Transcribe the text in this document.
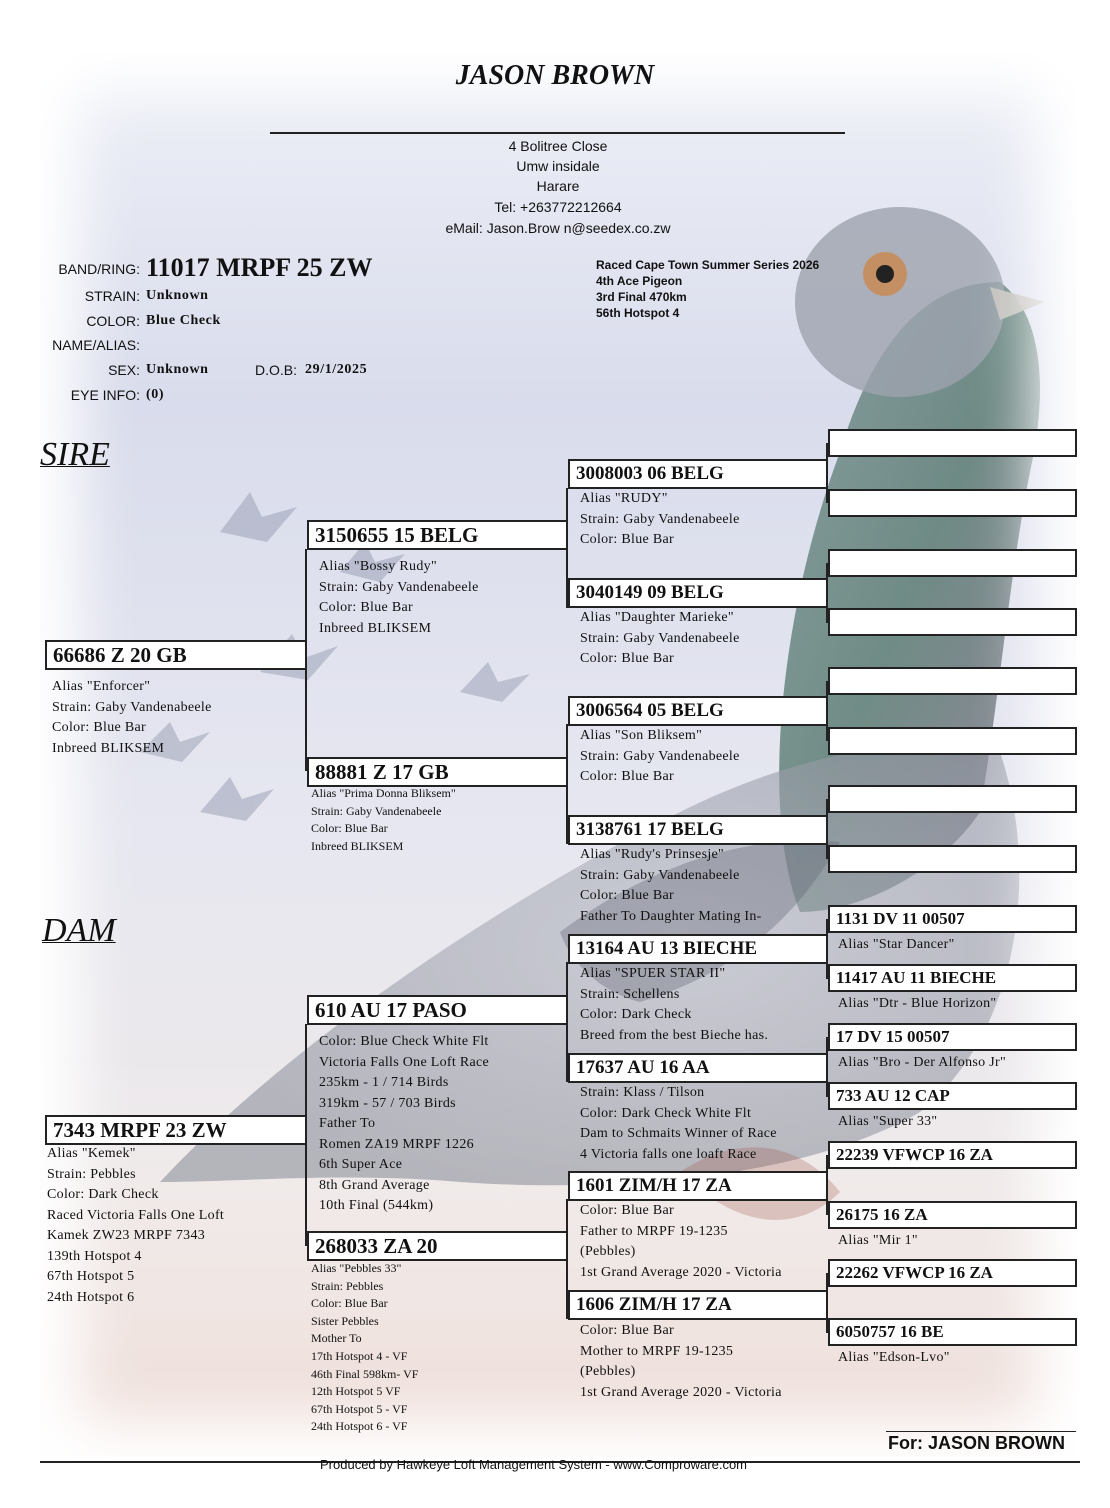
JASON BROWN
4 Bolitree Close
Umw insidale
Harare
Tel: +263772212664
eMail: Jason.Brow n@seedex.co.zw
BAND/RING: 11017 MRPF 25 ZW
STRAIN: Unknown
COLOR: Blue Check
NAME/ALIAS:
SEX: Unknown	D.O.B: 29/1/2025
EYE INFO: (0)
Raced Cape Town Summer Series 2026
4th Ace Pigeon
3rd Final 470km
56th Hotspot 4
SIRE
DAM
66686 Z 20 GB
Alias "Enforcer"
Strain: Gaby Vandenabeele
Color: Blue Bar
Inbreed BLIKSEM
7343 MRPF 23 ZW
Alias "Kemek"
Strain: Pebbles
Color: Dark Check
Raced Victoria Falls One Loft
Kamek ZW23 MRPF 7343
139th Hotspot 4
67th Hotspot 5
24th Hotspot 6
3150655 15 BELG
Alias "Bossy Rudy"
Strain: Gaby Vandenabeele
Color: Blue Bar
Inbreed BLIKSEM
88881 Z 17 GB
Alias "Prima Donna Bliksem"
Strain: Gaby Vandenabeele
Color: Blue Bar
Inbreed BLIKSEM
610 AU 17 PASO
Color: Blue Check White Flt
Victoria Falls One Loft Race
235km - 1 / 714 Birds
319km - 57 / 703 Birds
Father To
Romen ZA19 MRPF 1226
6th Super Ace
8th Grand Average
10th Final (544km)
268033 ZA 20
Alias "Pebbles 33"
Strain: Pebbles
Color: Blue Bar
Sister Pebbles
Mother To
17th Hotspot 4 - VF
46th Final 598km- VF
12th Hotspot 5 VF
67th Hotspot 5 - VF
24th Hotspot 6 - VF
3008003 06 BELG
Alias "RUDY"
Strain: Gaby Vandenabeele
Color: Blue Bar
3040149 09 BELG
Alias "Daughter Marieke"
Strain: Gaby Vandenabeele
Color: Blue Bar
3006564 05 BELG
Alias "Son Bliksem"
Strain: Gaby Vandenabeele
Color: Blue Bar
3138761 17 BELG
Alias "Rudy's Prinsesje"
Strain: Gaby Vandenabeele
Color: Blue Bar
Father To Daughter Mating In-
13164 AU 13 BIECHE
Alias "SPUER STAR II"
Strain: Schellens
Color: Dark Check
Breed from the best Bieche has.
17637 AU 16 AA
Strain: Klass / Tilson
Color: Dark Check White Flt
Dam to Schmaits Winner of Race
4 Victoria falls one loaft Race
1601 ZIM/H 17 ZA
Color: Blue Bar
Father to MRPF 19-1235
(Pebbles)
1st Grand Average 2020 - Victoria
1606 ZIM/H 17 ZA
Color: Blue Bar
Mother to MRPF 19-1235
(Pebbles)
1st Grand Average 2020 - Victoria
1131 DV 11 00507
Alias "Star Dancer"
11417 AU 11 BIECHE
Alias "Dtr - Blue Horizon"
17 DV 15 00507
Alias "Bro - Der Alfonso Jr"
733 AU 12 CAP
Alias "Super 33"
22239 VFWCP 16 ZA
26175 16 ZA
Alias "Mir 1"
22262 VFWCP 16 ZA
6050757 16 BE
Alias "Edson-Lvo"
For: JASON BROWN
Produced by Hawkeye Loft Management System - www.Comproware.com
